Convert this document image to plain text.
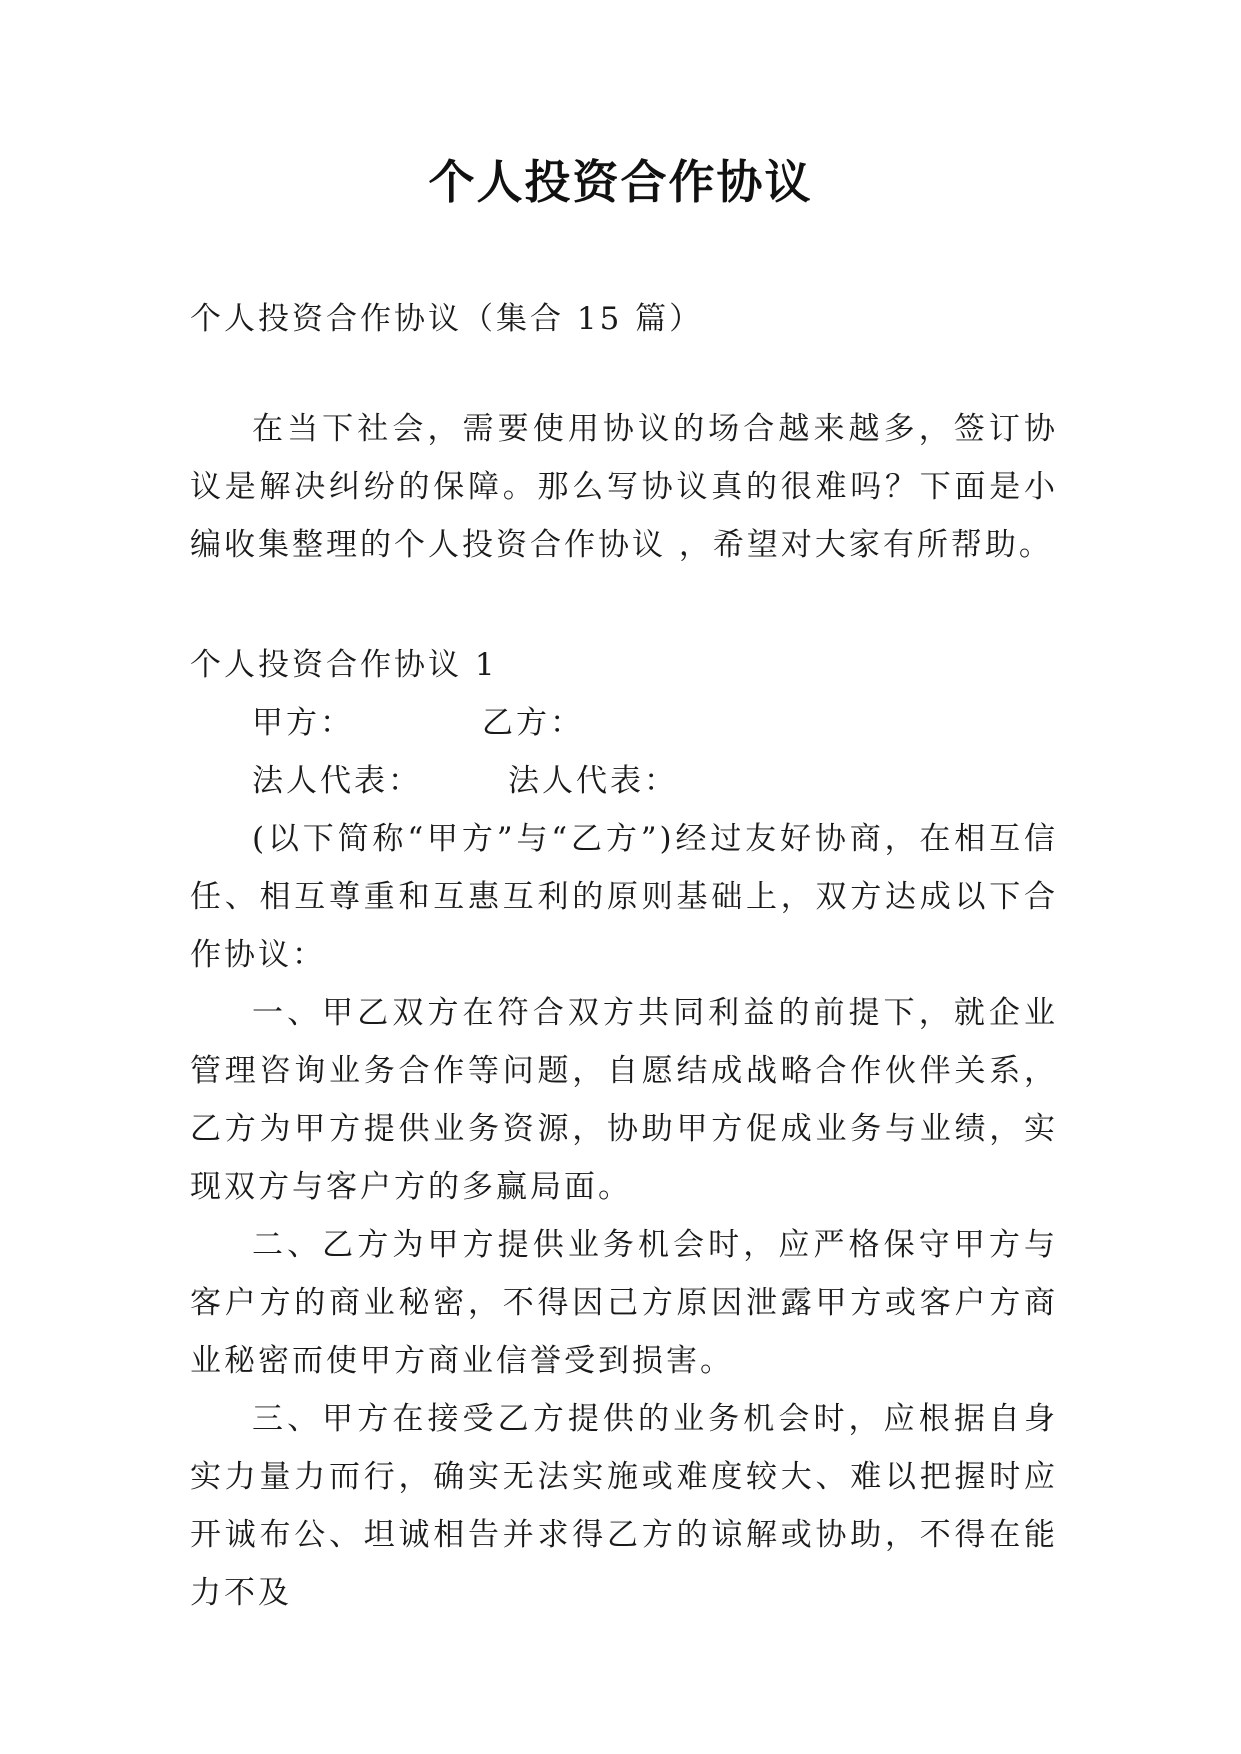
个人投资合作协议
个人投资合作协议（集合 15 篇）

在当下社会，需要使用协议的场合越来越多，签订协议是解决纠纷的保障。那么写协议真的很难吗？下面是小编收集整理的个人投资合作协议 ，希望对大家有所帮助。

个人投资合作协议 1

甲方：	乙方：

法人代表：	法人代表：

(以下简称“甲方”与“乙方”)经过友好协商，在相互信任、相互尊重和互惠互利的原则基础上，双方达成以下合作协议：

一、甲乙双方在符合双方共同利益的前提下，就企业管理咨询业务合作等问题，自愿结成战略合作伙伴关系，乙方为甲方提供业务资源，协助甲方促成业务与业绩，实现双方与客户方的多赢局面。

二、乙方为甲方提供业务机会时，应严格保守甲方与客户方的商业秘密，不得因己方原因泄露甲方或客户方商业秘密而使甲方商业信誉受到损害。

三、甲方在接受乙方提供的业务机会时，应根据自身实力量力而行，确实无法实施或难度较大、难以把握时应开诚布公、坦诚相告并求得乙方的谅解或协助，不得在能力不及
